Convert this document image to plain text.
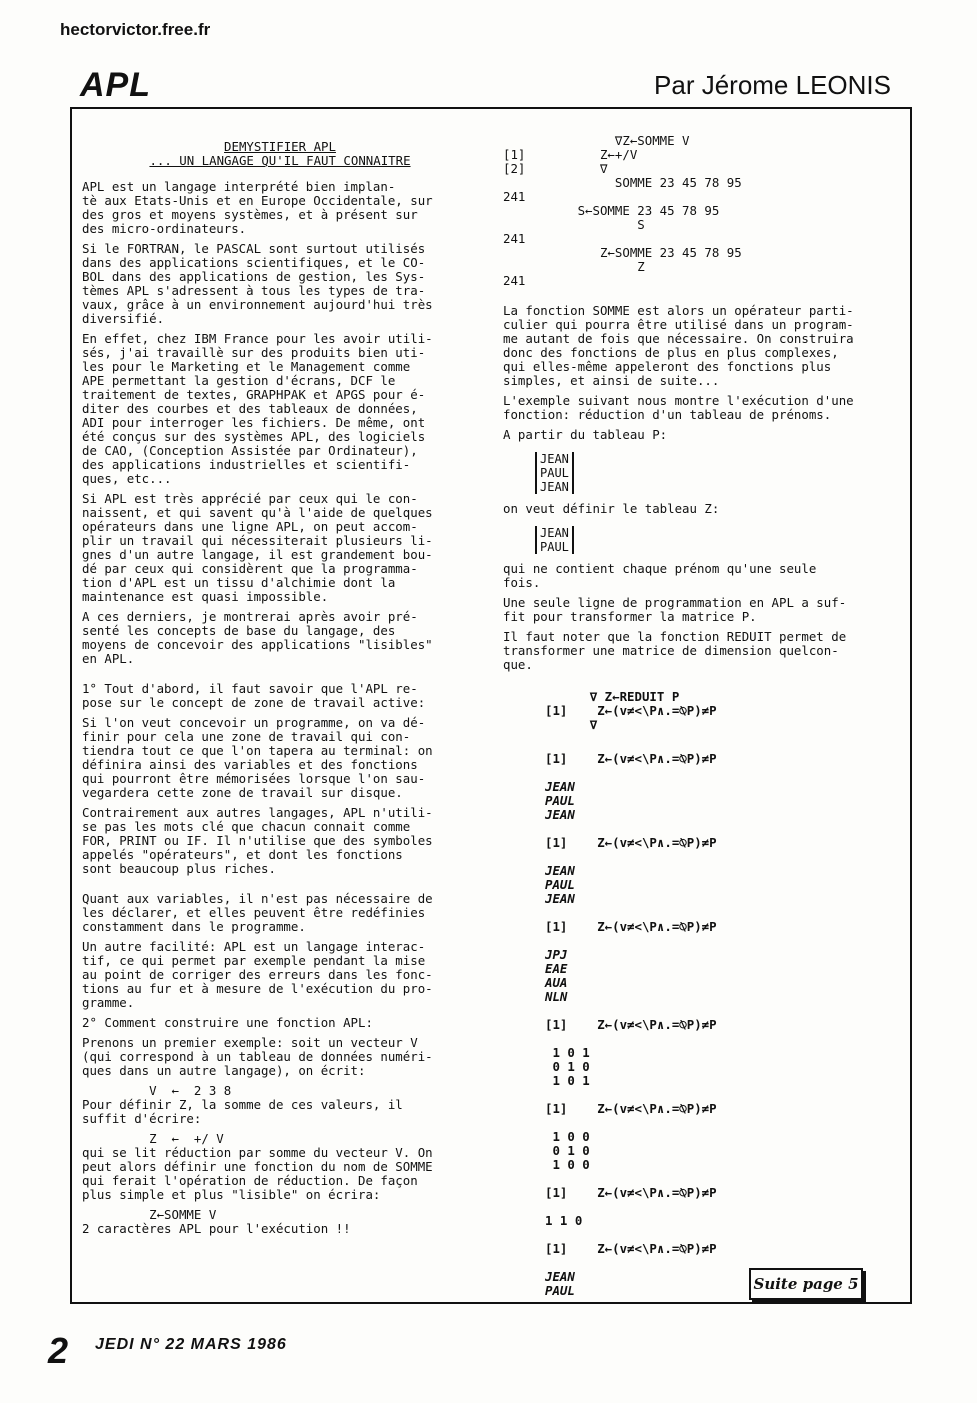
hectorvictor.free.fr
APL	Par Jérome LEONIS

DEMYSTIFIER APL

... UN LANGAGE QU'IL FAUT CONNAITRE

APL est un langage interprété bien implan-
tè aux Etats-Unis et en Europe Occidentale, sur
des gros et moyens systèmes, et à présent sur
des micro-ordinateurs.

Si le FORTRAN, le PASCAL sont surtout utilisés
dans des applications scientifiques, et le CO-
BOL dans des applications de gestion, les Sys-
tèmes APL s'adressent à tous les types de tra-
vaux, grâce à un environnement aujourd'hui très
diversifié.

En effet, chez IBM France pour les avoir utili-
sés, j'ai travaillè sur des produits bien uti-
les pour le Marketing et le Management comme
APE permettant la gestion d'écrans, DCF le
traitement de textes, GRAPHPAK et APGS pour é-
diter des courbes et des tableaux de données,
ADI pour interroger les fichiers. De même, ont
été conçus sur des systèmes APL, des logiciels
de CAO, (Conception Assistée par Ordinateur),
des applications industrielles et scientifi-
ques, etc...

Si APL est très apprécié par ceux qui le con-
naissent, et qui savent qu'à l'aide de quelques
opérateurs dans une ligne APL, on peut accom-
plir un travail qui nécessiterait plusieurs li-
gnes d'un autre langage, il est grandement bou-
dé par ceux qui considèrent que la programma-
tion d'APL est un tissu d'alchimie dont la
maintenance est quasi impossible.

A ces derniers, je montrerai après avoir pré-
senté les concepts de base du langage, des
moyens de concevoir des applications "lisibles"
en APL.

1° Tout d'abord, il faut savoir que l'APL re-
pose sur le concept de zone de travail active:

Si l'on veut concevoir un programme, on va dé-
finir pour cela une zone de travail qui con-
tiendra tout ce que l'on tapera au terminal: on
définira ainsi des variables et des fonctions
qui pourront être mémorisées lorsque l'on sau-
vegardera cette zone de travail sur disque.

Contrairement aux autres langages, APL n'utili-
se pas les mots clé que chacun connait comme
FOR, PRINT ou IF. Il n'utilise que des symboles
appelés "opérateurs", et dont les fonctions
sont beaucoup plus riches.

Quant aux variables, il n'est pas nécessaire de
les déclarer, et elles peuvent être redéfinies
constamment dans le programme.

Un autre facilité: APL est un langage interac-
tif, ce qui permet par exemple pendant la mise
au point de corriger des erreurs dans les fonc-
tions au fur et à mesure de l'exécution du pro-
gramme.

2° Comment construire une fonction APL:

Prenons un premier exemple: soit un vecteur V
(qui correspond à un tableau de données numéri-
ques dans un autre langage), on écrit:

V  ←  2 3 8

Pour définir Z, la somme de ces valeurs, il
suffit d'écrire:

Z  ←  +/ V

qui se lit réduction par somme du vecteur V. On
peut alors définir une fonction du nom de SOMME
qui ferait l'opération de réduction. De façon
plus simple et plus "lisible" on écrira:

Z←SOMME V

2 caractères APL pour l'exécution !!

∇Z←SOMME V
[1]          Z←+/V
[2]          ∇
SOMME 23 45 78 95
241
S←SOMME 23 45 78 95
S
241
Z←SOMME 23 45 78 95
Z
241

La fonction SOMME est alors un opérateur parti-
culier qui pourra être utilisé dans un program-
me autant de fois que nécessaire. On construira
donc des fonctions de plus en plus complexes,
qui elles-même appeleront des fonctions plus
simples, et ainsi de suite...

L'exemple suivant nous montre l'exécution d'une
fonction: réduction d'un tableau de prénoms.

A partir du tableau P:

JEAN
PAUL
JEAN

on veut définir le tableau Z:

JEAN
PAUL

qui ne contient chaque prénom qu'une seule
fois.

Une seule ligne de programmation en APL a suf-
fit pour transformer la matrice P.

Il faut noter que la fonction REDUIT permet de
transformer une matrice de dimension quelcon-
que.

∇ Z←REDUIT P
[1]    Z←(v≠<\P∧.=⍉P)≠P
∇
[1]    Z←(v≠<\P∧.=⍉P)≠P
JEAN
PAUL
JEAN
[1]    Z←(v≠<\P∧.=⍉P)≠P
JEAN
PAUL
JEAN
[1]    Z←(v≠<\P∧.=⍉P)≠P
JPJ
EAE
AUA
NLN
[1]    Z←(v≠<\P∧.=⍉P)≠P
1 0 1
0 1 0
1 0 1
[1]    Z←(v≠<\P∧.=⍉P)≠P
1 0 0
0 1 0
1 0 0
[1]    Z←(v≠<\P∧.=⍉P)≠P
1 1 0
[1]    Z←(v≠<\P∧.=⍉P)≠P
JEAN
PAUL	Suite page 5
2 JEDI N° 22 MARS 1986
